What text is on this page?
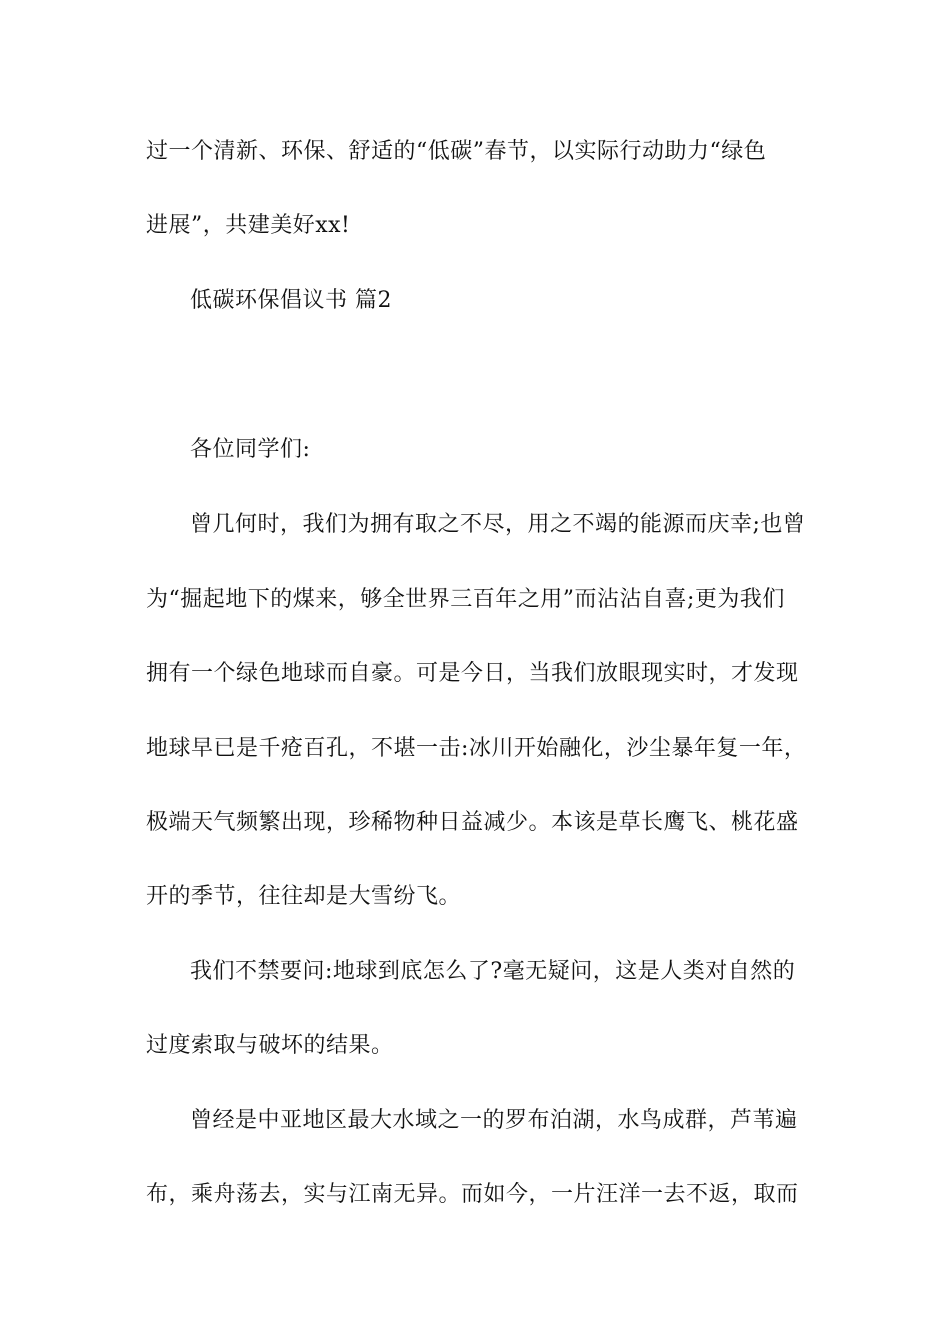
过一个清新、环保、舒适的“低碳”春节，以实际行动助力“绿色
进展”，共建美好xx!
低碳环保倡议书 篇2
各位同学们:
曾几何时，我们为拥有取之不尽，用之不竭的能源而庆幸;也曾
为“掘起地下的煤来，够全世界三百年之用”而沾沾自喜;更为我们
拥有一个绿色地球而自豪。可是今日，当我们放眼现实时，才发现
地球早已是千疮百孔，不堪一击:冰川开始融化，沙尘暴年复一年，
极端天气频繁出现，珍稀物种日益减少。本该是草长鹰飞、桃花盛
开的季节，往往却是大雪纷飞。
我们不禁要问:地球到底怎么了?毫无疑问，这是人类对自然的
过度索取与破坏的结果。
曾经是中亚地区最大水域之一的罗布泊湖，水鸟成群，芦苇遍
布，乘舟荡去，实与江南无异。而如今，一片汪洋一去不返，取而
